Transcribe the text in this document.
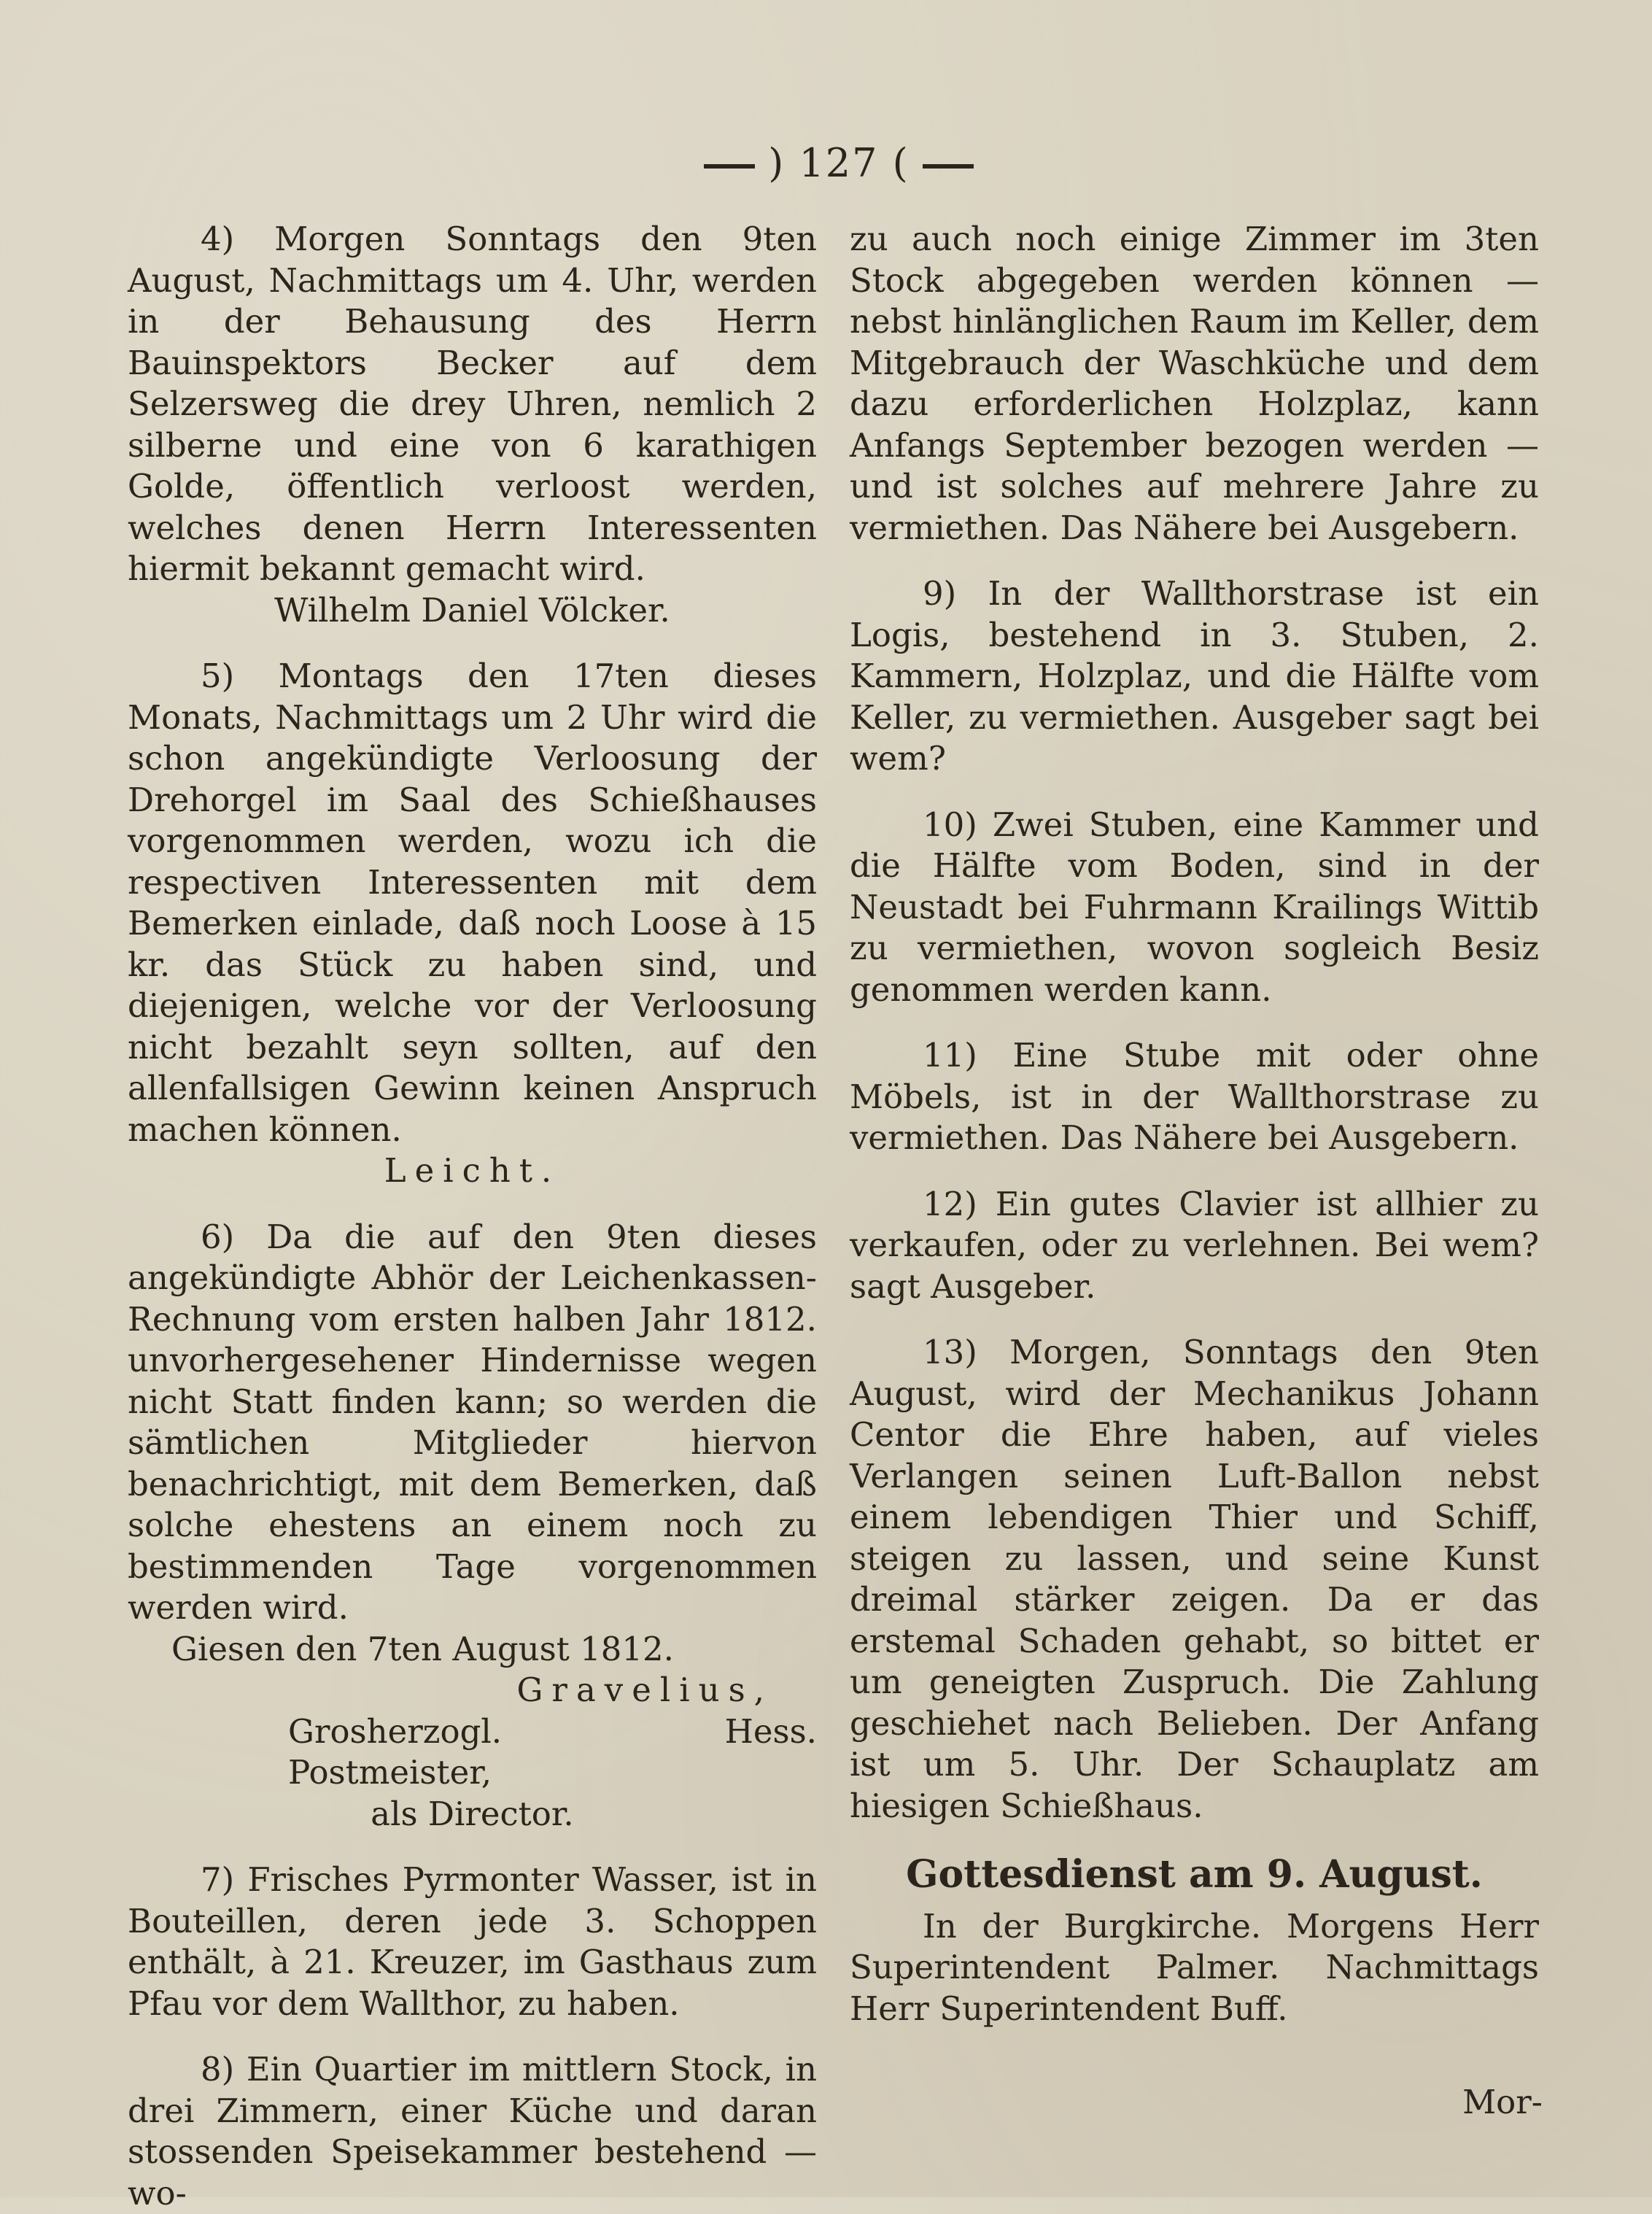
) 127 (

4) Morgen Sonntags den 9ten August, Nachmittags um 4. Uhr, werden in der Behausung des Herrn Bauinspektors Becker auf dem Selzersweg die drey Uhren, nemlich 2 silberne und eine von 6 karathigen Golde, öffentlich verloost werden, welches denen Herrn Interessenten hiermit bekannt gemacht wird.

Wilhelm Daniel Völcker.

5) Montags den 17ten dieses Monats, Nachmittags um 2 Uhr wird die schon angekündigte Verloosung der Drehorgel im Saal des Schießhauses vorgenommen werden, wozu ich die respectiven Interessenten mit dem Bemerken einlade, daß noch Loose à 15 kr. das Stück zu haben sind, und diejenigen, welche vor der Verloosung nicht bezahlt seyn sollten, auf den allenfallsigen Gewinn keinen Anspruch machen können.

Leicht.

6) Da die auf den 9ten dieses angekündigte Abhör der Leichenkassen-Rechnung vom ersten halben Jahr 1812. unvorhergesehener Hindernisse wegen nicht Statt finden kann; so werden die sämtlichen Mitglieder hiervon benachrichtigt, mit dem Bemerken, daß solche ehestens an einem noch zu bestimmenden Tage vorgenommen werden wird.

Giesen den 7ten August 1812.

Gravelius,

Grosherzogl. Hess. Postmeister,

als Director.

7) Frisches Pyrmonter Wasser, ist in Bouteillen, deren jede 3. Schoppen enthält, à 21. Kreuzer, im Gasthaus zum Pfau vor dem Wallthor, zu haben.

8) Ein Quartier im mittlern Stock, in drei Zimmern, einer Küche und daran stossenden Speisekammer bestehend — wo-

zu auch noch einige Zimmer im 3ten Stock abgegeben werden können — nebst hinlänglichen Raum im Keller, dem Mitgebrauch der Waschküche und dem dazu erforderlichen Holzplaz, kann Anfangs September bezogen werden — und ist solches auf mehrere Jahre zu vermiethen. Das Nähere bei Ausgebern.

9) In der Wallthorstrase ist ein Logis, bestehend in 3. Stuben, 2. Kammern, Holzplaz, und die Hälfte vom Keller, zu vermiethen. Ausgeber sagt bei wem?

10) Zwei Stuben, eine Kammer und die Hälfte vom Boden, sind in der Neustadt bei Fuhrmann Krailings Wittib zu vermiethen, wovon sogleich Besiz genommen werden kann.

11) Eine Stube mit oder ohne Möbels, ist in der Wallthorstrase zu vermiethen. Das Nähere bei Ausgebern.

12) Ein gutes Clavier ist allhier zu verkaufen, oder zu verlehnen. Bei wem? sagt Ausgeber.

13) Morgen, Sonntags den 9ten August, wird der Mechanikus Johann Centor die Ehre haben, auf vieles Verlangen seinen Luft-Ballon nebst einem lebendigen Thier und Schiff, steigen zu lassen, und seine Kunst dreimal stärker zeigen. Da er das erstemal Schaden gehabt, so bittet er um geneigten Zuspruch. Die Zahlung geschiehet nach Belieben. Der Anfang ist um 5. Uhr. Der Schauplatz am hiesigen Schießhaus.

Gottesdienst am 9. August.

In der Burgkirche. Morgens Herr Superintendent Palmer. Nachmittags Herr Superintendent Buff.

Mor-
